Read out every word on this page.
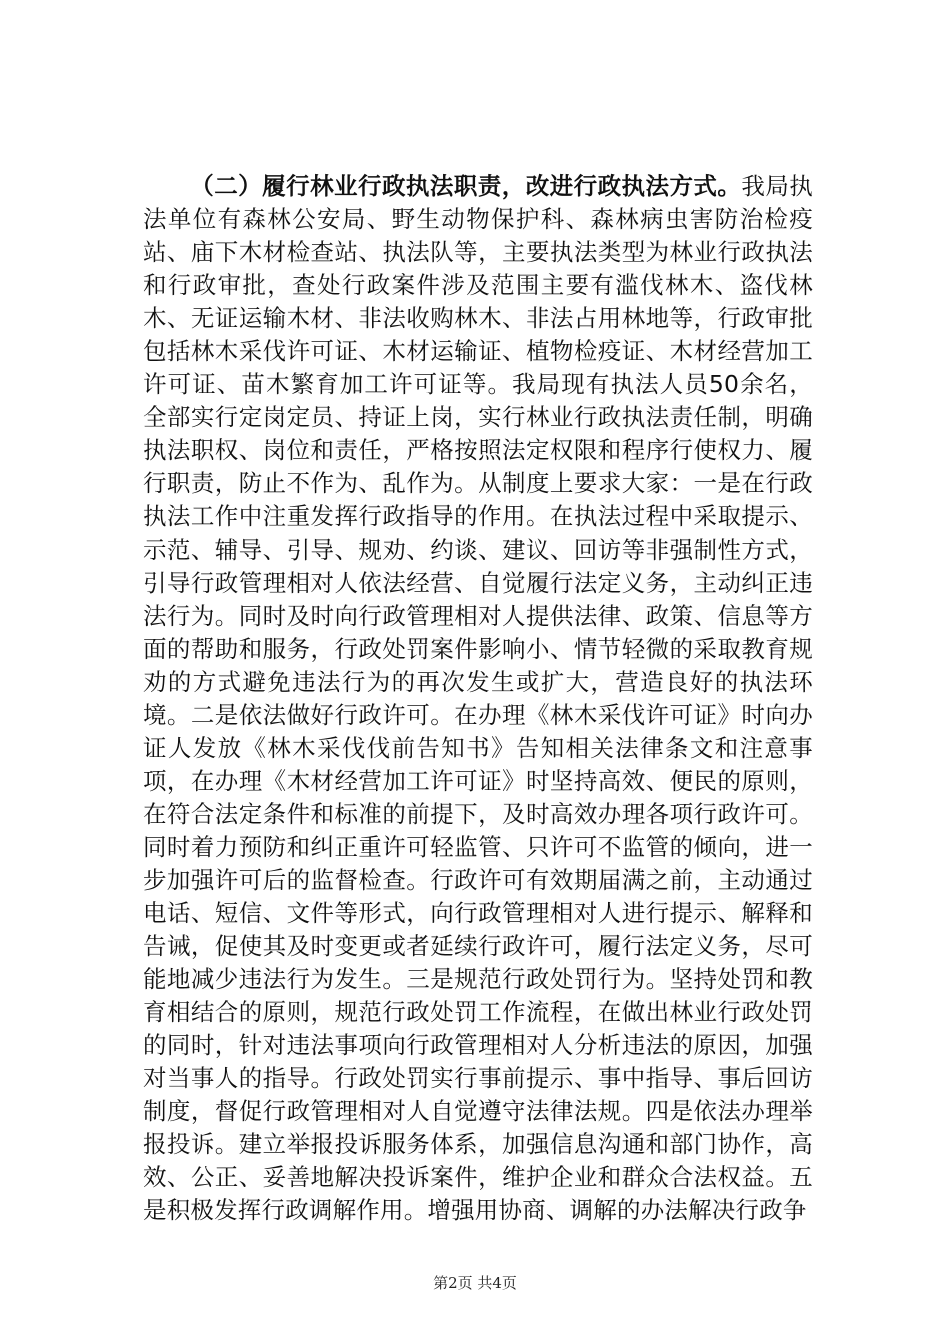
（二）履行林业行政执法职责，改进行政执法方式。我局执法单位有森林公安局、野生动物保护科、森林病虫害防治检疫站、庙下木材检查站、执法队等，主要执法类型为林业行政执法和行政审批，查处行政案件涉及范围主要有滥伐林木、盗伐林木、无证运输木材、非法收购林木、非法占用林地等，行政审批包括林木采伐许可证、木材运输证、植物检疫证、木材经营加工许可证、苗木繁育加工许可证等。我局现有执法人员50余名，全部实行定岗定员、持证上岗，实行林业行政执法责任制，明确执法职权、岗位和责任，严格按照法定权限和程序行使权力、履行职责，防止不作为、乱作为。从制度上要求大家：一是在行政执法工作中注重发挥行政指导的作用。在执法过程中采取提示、示范、辅导、引导、规劝、约谈、建议、回访等非强制性方式，引导行政管理相对人依法经营、自觉履行法定义务，主动纠正违法行为。同时及时向行政管理相对人提供法律、政策、信息等方面的帮助和服务，行政处罚案件影响小、情节轻微的采取教育规劝的方式避免违法行为的再次发生或扩大，营造良好的执法环境。二是依法做好行政许可。在办理《林木采伐许可证》时向办证人发放《林木采伐伐前告知书》告知相关法律条文和注意事项，在办理《木材经营加工许可证》时坚持高效、便民的原则，在符合法定条件和标准的前提下，及时高效办理各项行政许可。同时着力预防和纠正重许可轻监管、只许可不监管的倾向，进一步加强许可后的监督检查。行政许可有效期届满之前，主动通过电话、短信、文件等形式，向行政管理相对人进行提示、解释和告诫，促使其及时变更或者延续行政许可，履行法定义务，尽可能地减少违法行为发生。三是规范行政处罚行为。坚持处罚和教育相结合的原则，规范行政处罚工作流程，在做出林业行政处罚的同时，针对违法事项向行政管理相对人分析违法的原因，加强对当事人的指导。行政处罚实行事前提示、事中指导、事后回访制度，督促行政管理相对人自觉遵守法律法规。四是依法办理举报投诉。建立举报投诉服务体系，加强信息沟通和部门协作，高效、公正、妥善地解决投诉案件，维护企业和群众合法权益。五是积极发挥行政调解作用。增强用协商、调解的办法解决行政争

第2页 共4页
